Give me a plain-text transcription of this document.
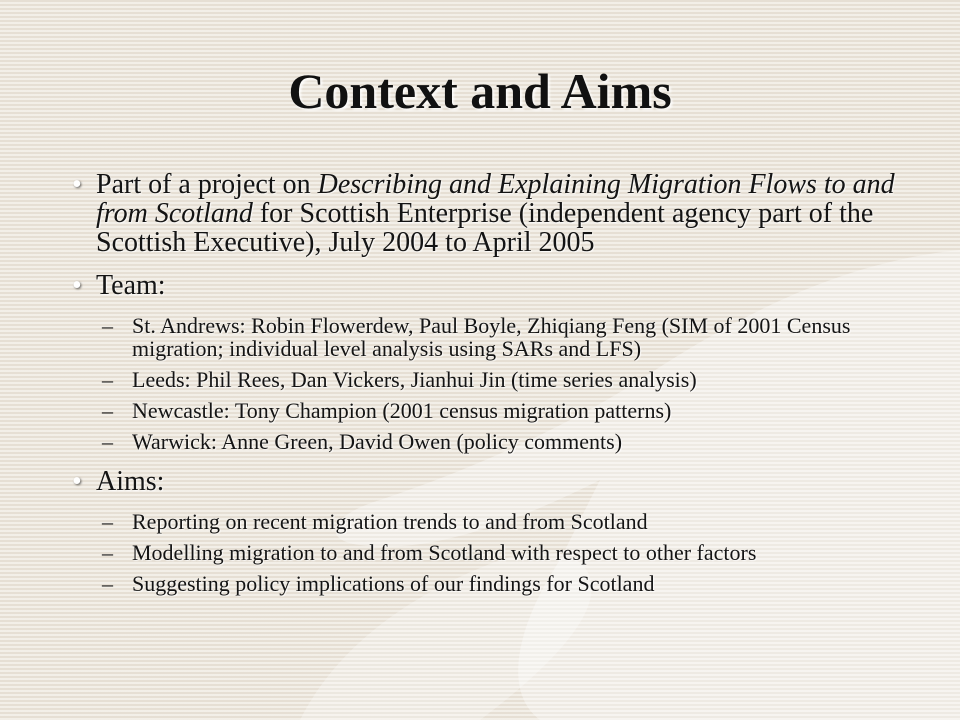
Context and Aims
• Part of a project on Describing and Explaining Migration Flows to and from Scotland for Scottish Enterprise (independent agency part of the Scottish Executive), July 2004 to April 2005
• Team:
– St. Andrews: Robin Flowerdew, Paul Boyle, Zhiqiang Feng (SIM of 2001 Census migration; individual level analysis using SARs and LFS)
– Leeds: Phil Rees, Dan Vickers, Jianhui Jin (time series analysis)
– Newcastle: Tony Champion (2001 census migration patterns)
– Warwick: Anne Green, David Owen (policy comments)
• Aims:
– Reporting on recent migration trends to and from Scotland
– Modelling migration to and from Scotland with respect to other factors
– Suggesting policy implications of our findings for Scotland
